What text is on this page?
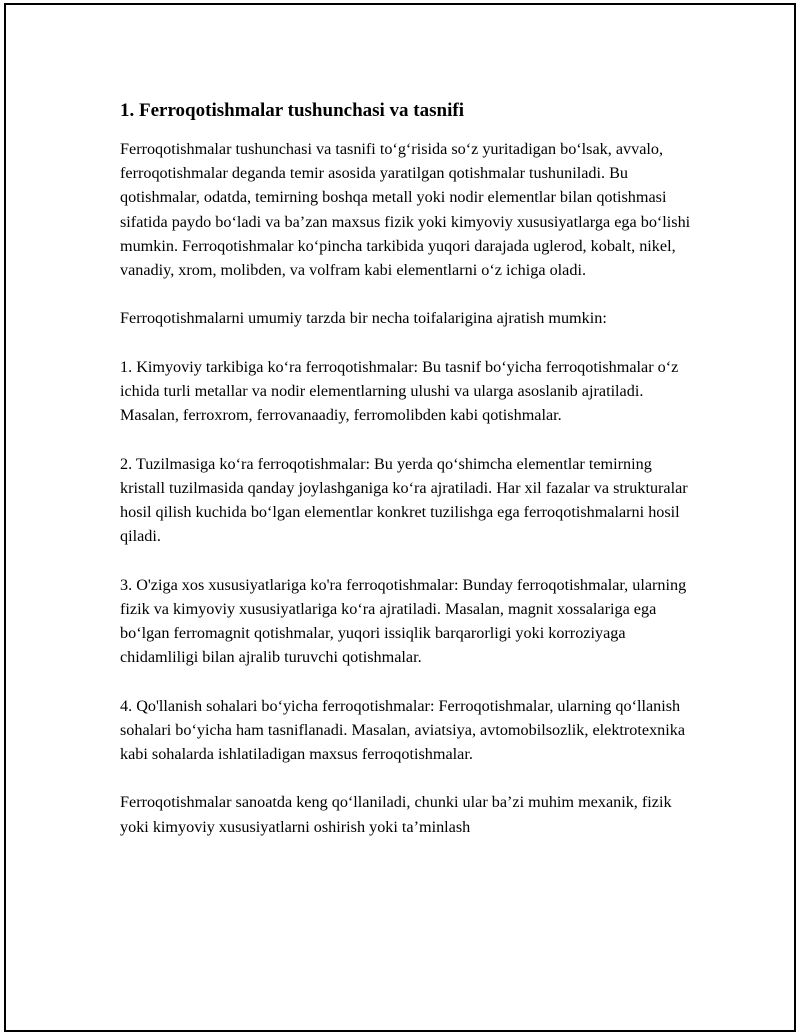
1. Ferroqotishmalar tushunchasi va tasnifi

Ferroqotishmalar tushunchasi va tasnifi to‘g‘risida so‘z yuritadigan bo‘lsak, avvalo, ferroqotishmalar deganda temir asosida yaratilgan qotishmalar tushuniladi. Bu qotishmalar, odatda, temirning boshqa metall yoki nodir elementlar bilan qotishmasi sifatida paydo bo‘ladi va ba’zan maxsus fizik yoki kimyoviy xususiyatlarga ega bo‘lishi mumkin. Ferroqotishmalar ko‘pincha tarkibida yuqori darajada uglerod, kobalt, nikel, vanadiy, xrom, molibden, va volfram kabi elementlarni o‘z ichiga oladi.

Ferroqotishmalarni umumiy tarzda bir necha toifalarigina ajratish mumkin:

1. Kimyoviy tarkibiga ko‘ra ferroqotishmalar: Bu tasnif bo‘yicha ferroqotishmalar o‘z ichida turli metallar va nodir elementlarning ulushi va ularga asoslanib ajratiladi. Masalan, ferroxrom, ferrovanaadiy, ferromolibden kabi qotishmalar.

2. Tuzilmasiga ko‘ra ferroqotishmalar: Bu yerda qo‘shimcha elementlar temirning kristall tuzilmasida qanday joylashganiga ko‘ra ajratiladi. Har xil fazalar va strukturalar hosil qilish kuchida bo‘lgan elementlar konkret tuzilishga ega ferroqotishmalarni hosil qiladi.

3. O'ziga xos xususiyatlariga ko'ra ferroqotishmalar: Bunday ferroqotishmalar, ularning fizik va kimyoviy xususiyatlariga ko‘ra ajratiladi. Masalan, magnit xossalariga ega bo‘lgan ferromagnit qotishmalar, yuqori issiqlik barqarorligi yoki korroziyaga chidamliligi bilan ajralib turuvchi qotishmalar.

4. Qo'llanish sohalari bo‘yicha ferroqotishmalar: Ferroqotishmalar, ularning qo‘llanish sohalari bo‘yicha ham tasniflanadi. Masalan, aviatsiya, avtomobilsozlik, elektrotexnika kabi sohalarda ishlatiladigan maxsus ferroqotishmalar.

Ferroqotishmalar sanoatda keng qo‘llaniladi, chunki ular ba’zi muhim mexanik, fizik yoki kimyoviy xususiyatlarni oshirish yoki ta’minlash
